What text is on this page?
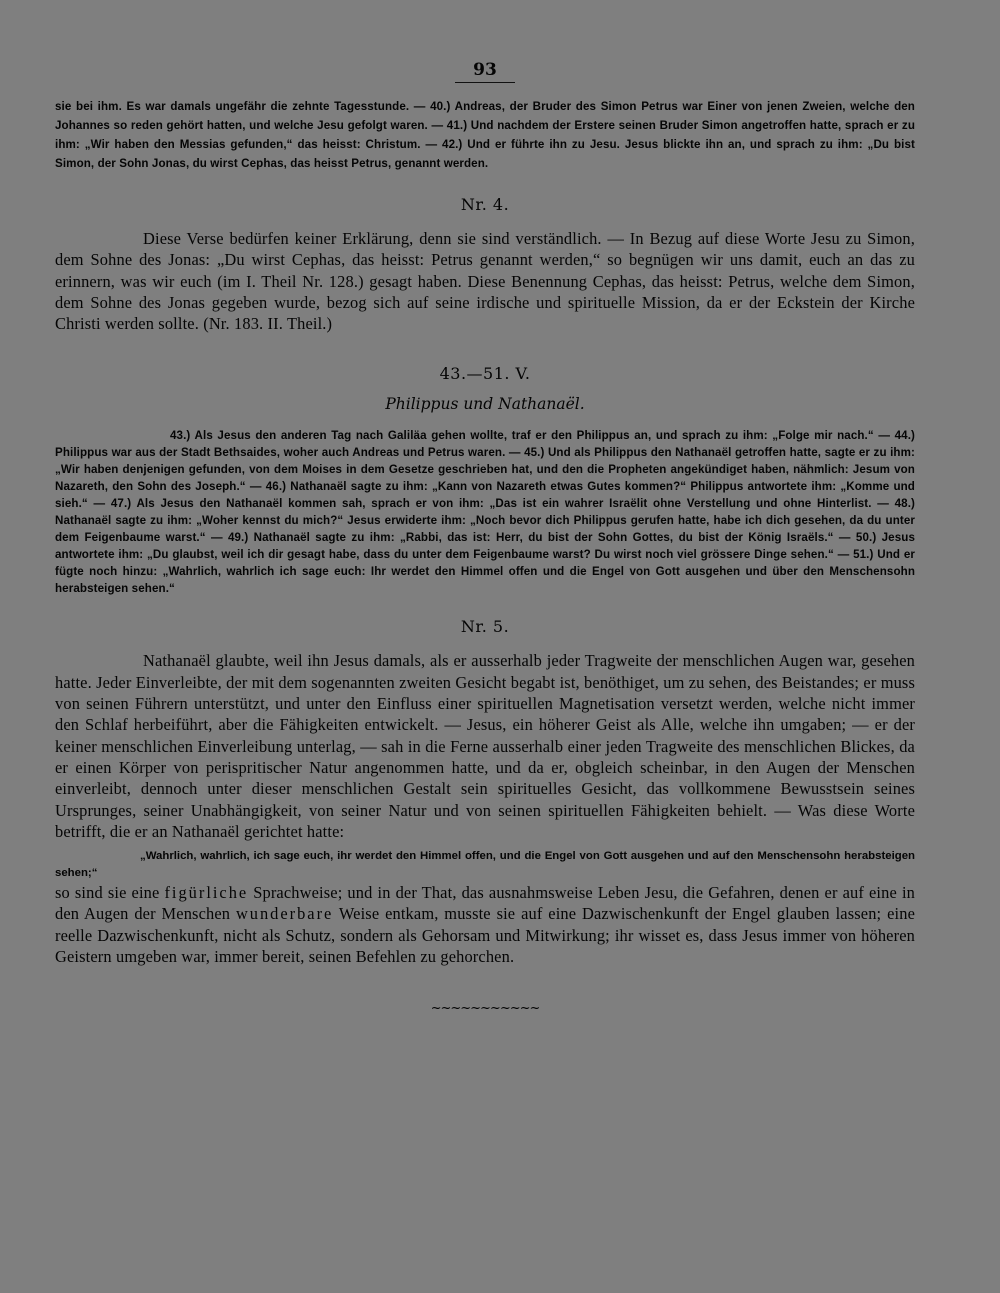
93

sie bei ihm. Es war damals ungefähr die zehnte Tagesstunde. — 40.) Andreas, der Bruder des Simon Petrus war Einer von jenen Zweien, welche den Johannes so reden gehört hatten, und welche Jesu gefolgt waren. — 41.) Und nachdem der Erstere seinen Bruder Simon angetroffen hatte, sprach er zu ihm: „Wir haben den Messias gefunden,“ das heisst: Christum. — 42.) Und er führte ihn zu Jesu. Jesus blickte ihn an, und sprach zu ihm: „Du bist Simon, der Sohn Jonas, du wirst Cephas, das heisst Petrus, genannt werden.

Nr. 4.

Diese Verse bedürfen keiner Erklärung, denn sie sind verständlich. — In Bezug auf diese Worte Jesu zu Simon, dem Sohne des Jonas: „Du wirst Cephas, das heisst: Petrus genannt werden,“ so begnügen wir uns damit, euch an das zu erinnern, was wir euch (im I. Theil Nr. 128.) gesagt haben. Diese Benennung Cephas, das heisst: Petrus, welche dem Simon, dem Sohne des Jonas gegeben wurde, bezog sich auf seine irdische und spirituelle Mission, da er der Eckstein der Kirche Christi werden sollte. (Nr. 183. II. Theil.)

43.—51. V.
Philippus und Nathanaël.

43.) Als Jesus den anderen Tag nach Galiläa gehen wollte, traf er den Philippus an, und sprach zu ihm: „Folge mir nach.“ — 44.) Philippus war aus der Stadt Bethsaides, woher auch Andreas und Petrus waren. — 45.) Und als Philippus den Nathanaël getroffen hatte, sagte er zu ihm: „Wir haben denjenigen gefunden, von dem Moises in dem Gesetze geschrieben hat, und den die Propheten angekündiget haben, nähmlich: Jesum von Nazareth, den Sohn des Joseph.“ — 46.) Nathanaël sagte zu ihm: „Kann von Nazareth etwas Gutes kommen?“ Philippus antwortete ihm: „Komme und sieh.“ — 47.) Als Jesus den Nathanaël kommen sah, sprach er von ihm: „Das ist ein wahrer Israëlit ohne Verstellung und ohne Hinterlist. — 48.) Nathanaël sagte zu ihm: „Woher kennst du mich?“ Jesus erwiderte ihm: „Noch bevor dich Philippus gerufen hatte, habe ich dich gesehen, da du unter dem Feigenbaume warst.“ — 49.) Nathanaël sagte zu ihm: „Rabbi, das ist: Herr, du bist der Sohn Gottes, du bist der König Israëls.“ — 50.) Jesus antwortete ihm: „Du glaubst, weil ich dir gesagt habe, dass du unter dem Feigenbaume warst? Du wirst noch viel grössere Dinge sehen.“ — 51.) Und er fügte noch hinzu: „Wahrlich, wahrlich ich sage euch: Ihr werdet den Himmel offen und die Engel von Gott ausgehen und über den Menschensohn herabsteigen sehen.“

Nr. 5.

Nathanaël glaubte, weil ihn Jesus damals, als er ausserhalb jeder Tragweite der menschlichen Augen war, gesehen hatte. Jeder Einverleibte, der mit dem sogenannten zweiten Gesicht begabt ist, benöthiget, um zu sehen, des Beistandes; er muss von seinen Führern unterstützt, und unter den Einfluss einer spirituellen Magnetisation versetzt werden, welche nicht immer den Schlaf herbeiführt, aber die Fähigkeiten entwickelt. — Jesus, ein höherer Geist als Alle, welche ihn umgaben; — er der keiner menschlichen Einverleibung unterlag, — sah in die Ferne ausserhalb einer jeden Tragweite des menschlichen Blickes, da er einen Körper von perispritischer Natur angenommen hatte, und da er, obgleich scheinbar, in den Augen der Menschen einverleibt, dennoch unter dieser menschlichen Gestalt sein spirituelles Gesicht, das vollkommene Bewusstsein seines Ursprunges, seiner Unabhängigkeit, von seiner Natur und von seinen spirituellen Fähigkeiten behielt. — Was diese Worte betrifft, die er an Nathanaël gerichtet hatte:

„Wahrlich, wahrlich, ich sage euch, ihr werdet den Himmel offen, und die Engel von Gott ausgehen und auf den Menschensohn herabsteigen sehen;“

so sind sie eine figürliche Sprachweise; und in der That, das ausnahmsweise Leben Jesu, die Gefahren, denen er auf eine in den Augen der Menschen wunderbare Weise entkam, musste sie auf eine Dazwischenkunft der Engel glauben lassen; eine reelle Dazwischenkunft, nicht als Schutz, sondern als Gehorsam und Mitwirkung; ihr wisset es, dass Jesus immer von höheren Geistern umgeben war, immer bereit, seinen Befehlen zu gehorchen.

~~~~~~~~~~~
